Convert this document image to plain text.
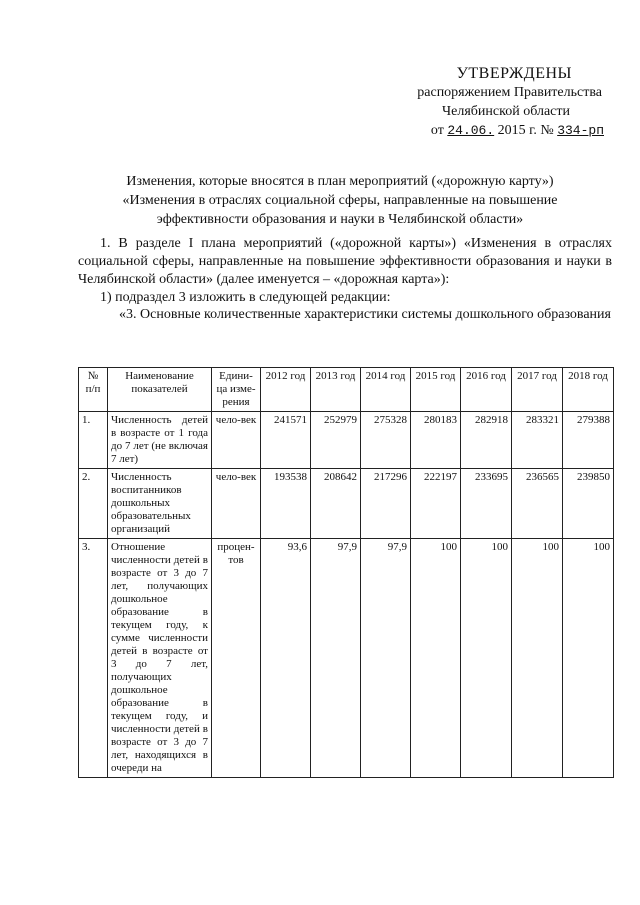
УТВЕРЖДЕНЫ
распоряжением Правительства
Челябинской области
от 24.06. 2015 г. № 334-рп
Изменения, которые вносятся в план мероприятий («дорожную карту»)
«Изменения в отраслях социальной сферы, направленные на повышение
эффективности образования и науки в Челябинской области»

1. В разделе I плана мероприятий («дорожной карты») «Изменения в отраслях социальной сферы, направленные на повышение эффективности образования и науки в Челябинской области» (далее именуется – «дорожная карта»):

1) подраздел 3 изложить в следующей редакции:

«3. Основные количественные характеристики системы дошкольного образования

№ п/п	Наименование показателей	Едини-ца изме-рения	2012 год	2013 год	2014 год	2015 год	2016 год	2017 год	2018 год
1.	Численность детей в возрасте от 1 года до 7 лет (не включая 7 лет)	чело-век	241571	252979	275328	280183	282918	283321	279388
2.	Численность воспитанников дошкольных образовательных организаций	чело-век	193538	208642	217296	222197	233695	236565	239850
3.	Отношение численности детей в возрасте от 3 до 7 лет, получающих дошкольное образование в текущем году, к сумме численности детей в возрасте от 3 до 7 лет, получающих дошкольное образование в текущем году, и численности детей в возрасте от 3 до 7 лет, находящихся в очереди на	процен-тов	93,6	97,9	97,9	100	100	100	100
